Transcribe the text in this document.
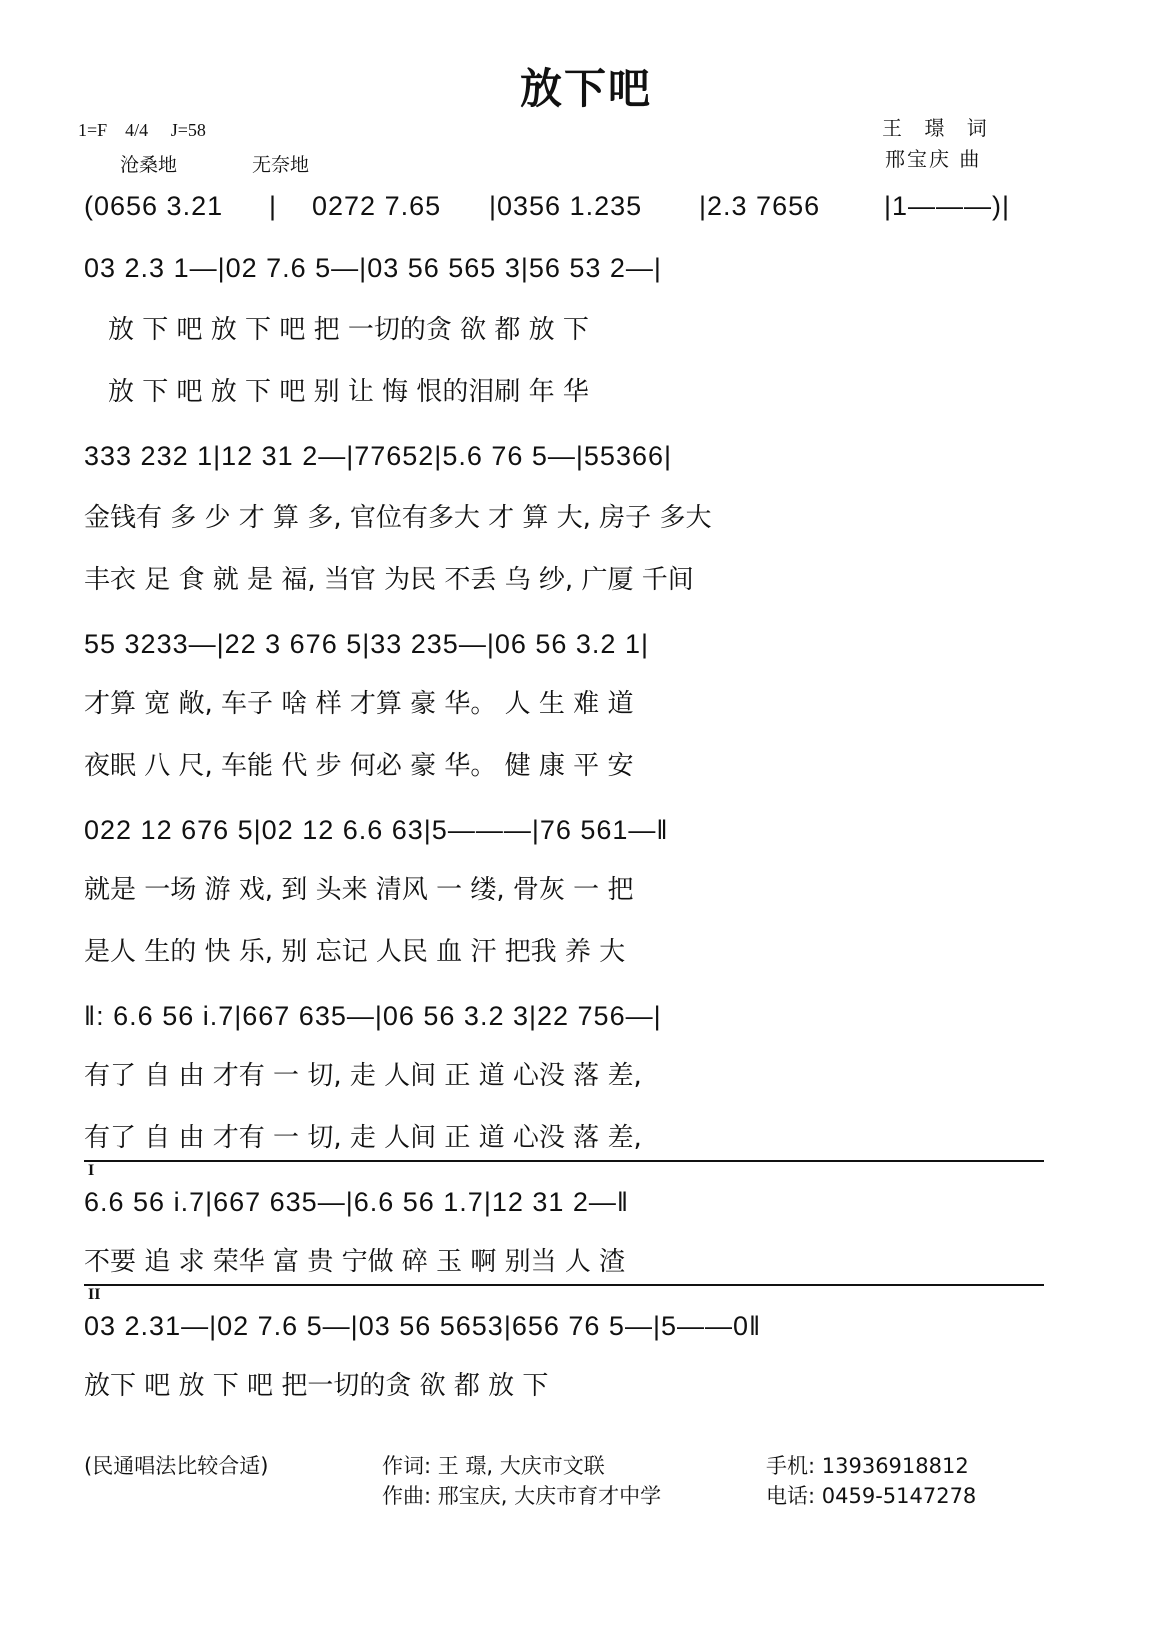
放下吧
1=F 4/4 J=58
沧桑地	无奈地
王 璟 词
邢宝庆 曲
(0656 3.21 | 0272 7.65 |0356 1.235 |2.3 7656 |1———)|
03 2.3 1—|02 7.6 5—|03 56 565 3|56 53 2—|
放 下 吧 放 下 吧 把 一切的贪 欲 都 放 下
放 下 吧 放 下 吧 别 让 悔 恨的泪刷 年 华
333 232 1|12 31 2—|77652|5.6 76 5—|55366|
金钱有 多 少 才 算 多, 官位有多大 才 算 大, 房子 多大
丰衣 足 食 就 是 福, 当官 为民 不丢 乌 纱, 广厦 千间
55 3233—|22 3 676 5|33 235—|06 56 3.2 1|
才算 宽 敞, 车子 啥 样 才算 豪 华。 人 生 难 道
夜眠 八 尺, 车能 代 步 何必 豪 华。 健 康 平 安
022 12 676 5|02 12 6.6 63|5———|76 561—‖
就是 一场 游 戏, 到 头来 清风 一 缕, 骨灰 一 把
是人 生的 快 乐, 别 忘记 人民 血 汗 把我 养 大
‖: 6.6 56 i.7|667 635—|06 56 3.2 3|22 756—|
有了 自 由 才有 一 切, 走 人间 正 道 心没 落 差,
有了 自 由 才有 一 切, 走 人间 正 道 心没 落 差,
I
6.6 56 i.7|667 635—|6.6 56 1.7|12 31 2—‖
不要 追 求 荣华 富 贵 宁做 碎 玉 啊 别当 人 渣
II
03 2.31—|02 7.6 5—|03 56 5653|656 76 5—|5——0‖
放下 吧 放 下 吧 把一切的贪 欲 都 放 下
(民通唱法比较合适)	作词: 王 璟, 大庆市文联
作曲: 邢宝庆, 大庆市育才中学
手机: 13936918812
电话: 0459-5147278
